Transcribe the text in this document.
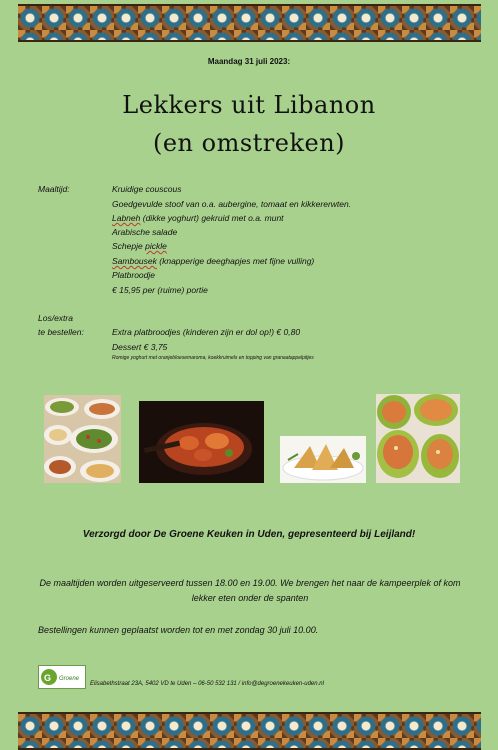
Maandag 31 juli 2023:
Lekkers uit Libanon
(en omstreken)
Maaltijd:	Kruidige couscous
Goedgevulde stoof van o.a. aubergine, tomaat en kikkererwten.
Labneh (dikke yoghurt) gekruid met o.a. munt
Arabische salade
Schepje pickle
Sambousek (knapperige deeghapjes met fijne vulling)
Platbroodje
€ 15,95 per (ruime) portie
Los/extra
te bestellen:	Extra platbroodjes (kinderen zijn er dol op!) € 0,80
Dessert € 3,75
Romige yoghurt met oranjebloesemaroma, koekkruimels en topping van granaatappelpitjes
Verzorgd door De Groene Keuken in Uden, gepresenteerd bij Leijland!
De maaltijden worden uitgeserveerd tussen 18.00 en 19.00. We brengen het naar de kampeerplek of kom lekker eten onder de spanten
Bestellingen kunnen geplaatst worden tot en met zondag 30 juli 10.00.
G Groene
Elisabethstraat 23A, 5402 VD te Uden – 06-50 532 131 / info@degroenekeuken-uden.nl
